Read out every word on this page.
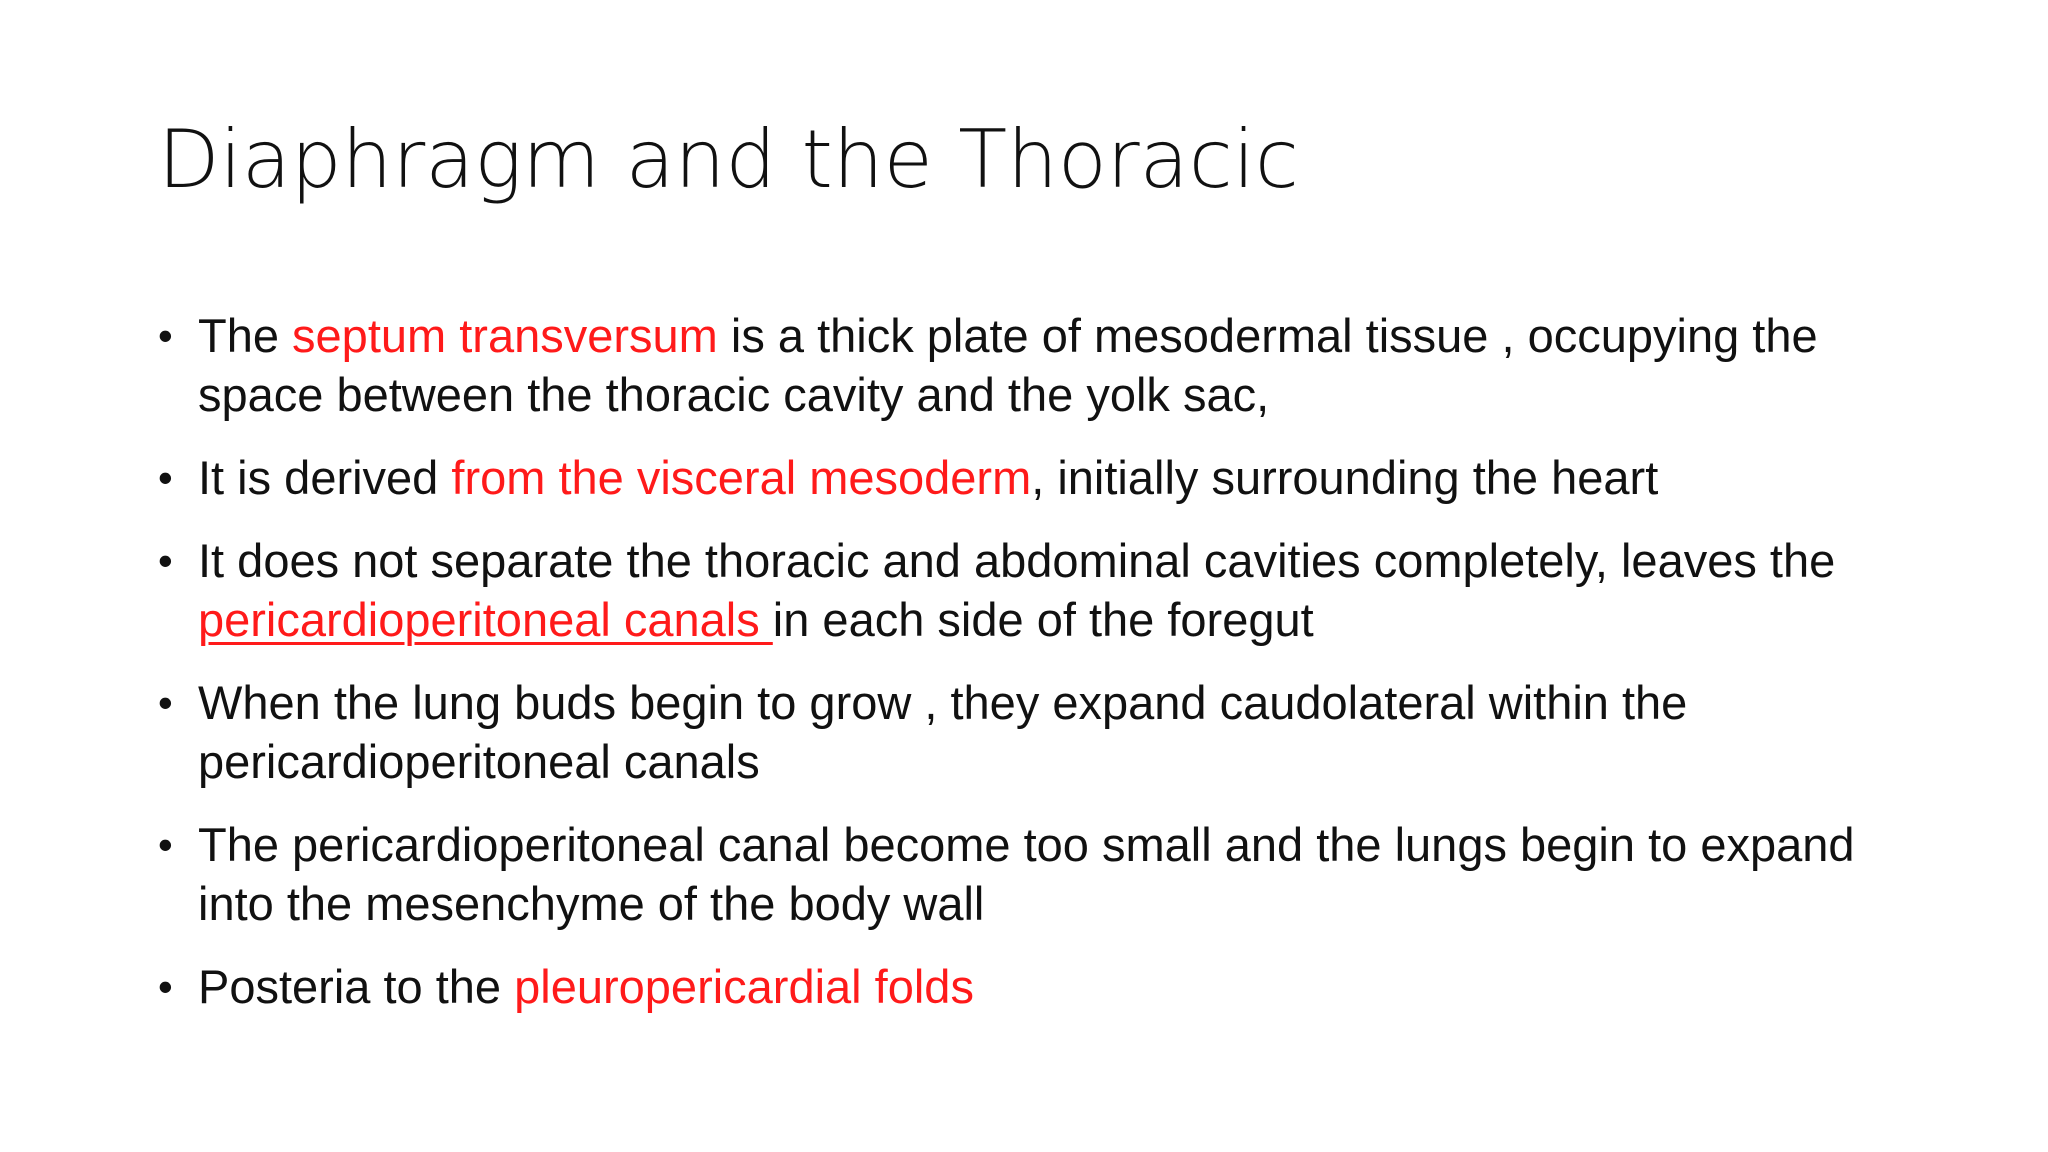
Diaphragm and the Thoracic
• The septum transversum is a thick plate of mesodermal tissue , occupying the space between the thoracic cavity and the yolk sac,
• It is derived from the visceral mesoderm, initially surrounding the heart
• It does not separate the thoracic and abdominal cavities completely, leaves the pericardioperitoneal canals in each side of the foregut
• When the lung buds begin to grow , they expand caudolateral within the pericardioperitoneal canals
• The pericardioperitoneal canal become too small and the lungs begin to expand into the mesenchyme of the body wall
• Posteria to the pleuropericardial folds
